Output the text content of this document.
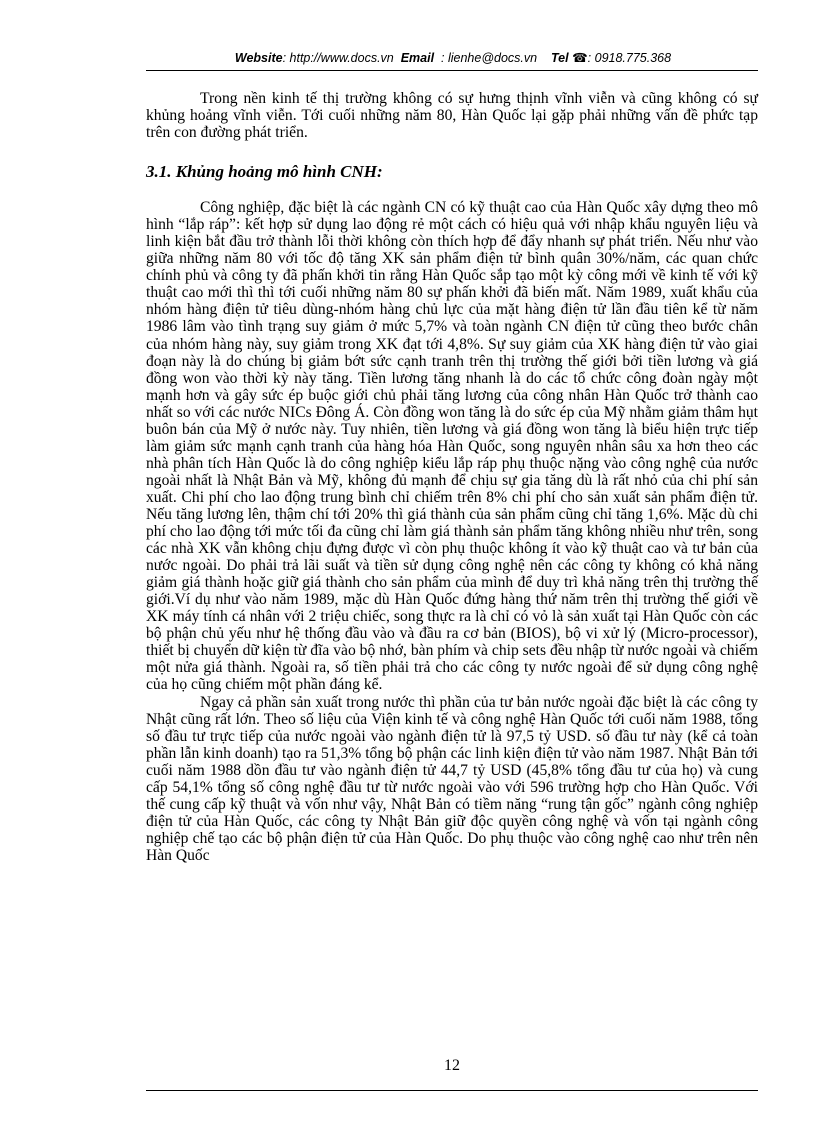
Website: http://www.docs.vn Email : lienhe@docs.vn Tel ☎: 0918.775.368

Trong nền kinh tế thị trường không có sự hưng thịnh vĩnh viễn và cũng không có sự khủng hoảng vĩnh viễn. Tới cuối những năm 80, Hàn Quốc lại gặp phải những vấn đề phức tạp trên con đường phát triển.

3.1. Khủng hoảng mô hình CNH:

Công nghiệp, đặc biệt là các ngành CN có kỹ thuật cao của Hàn Quốc xây dựng theo mô hình “lắp ráp”: kết hợp sử dụng lao động rẻ một cách có hiệu quả với nhập khẩu nguyên liệu và linh kiện bắt đầu trở thành lỗi thời không còn thích hợp để đẩy nhanh sự phát triển. Nếu như vào giữa những năm 80 với tốc độ tăng XK sản phẩm điện tử bình quân 30%/năm, các quan chức chính phủ và công ty đã phấn khởi tin rằng Hàn Quốc sắp tạo một kỳ công mới về kinh tế với kỹ thuật cao mới thì thì tới cuối những năm 80 sự phấn khởi đã biến mất. Năm 1989, xuất khẩu của nhóm hàng điện tử tiêu dùng-nhóm hàng chủ lực của mặt hàng điện tử lần đầu tiên kể từ năm 1986 lâm vào tình trạng suy giảm ở mức 5,7% và toàn ngành CN điện tử cũng theo bước chân của nhóm hàng này, suy giảm trong XK đạt tới 4,8%. Sự suy giảm của XK hàng điện tử vào giai đoạn này là do chúng bị giảm bớt sức cạnh tranh trên thị trường thế giới bởi tiền lương và giá đồng won vào thời kỳ này tăng. Tiền lương tăng nhanh là do các tổ chức công đoàn ngày một mạnh hơn và gây sức ép buộc giới chủ phải tăng lương của công nhân Hàn Quốc trở thành cao nhất so với các nước NICs Đông Á. Còn đồng won tăng là do sức ép của Mỹ nhằm giảm thâm hụt buôn bán của Mỹ ở nước này. Tuy nhiên, tiền lương và giá đồng won tăng là biểu hiện trực tiếp làm giảm sức mạnh cạnh tranh của hàng hóa Hàn Quốc, song nguyên nhân sâu xa hơn theo các nhà phân tích Hàn Quốc là do công nghiệp kiểu lắp ráp phụ thuộc nặng vào công nghệ của nước ngoài nhất là Nhật Bản và Mỹ, không đủ mạnh để chịu sự gia tăng dù là rất nhỏ của chi phí sản xuất. Chi phí cho lao động trung bình chỉ chiếm trên 8% chi phí cho sản xuất sản phẩm điện tử. Nếu tăng lương lên, thậm chí tới 20% thì giá thành của sản phẩm cũng chỉ tăng 1,6%. Mặc dù chi phí cho lao động tới mức tối đa cũng chỉ làm giá thành sản phẩm tăng không nhiều như trên, song các nhà XK vẫn không chịu đựng được vì còn phụ thuộc không ít vào kỹ thuật cao và tư bản của nước ngoài. Do phải trả lãi suất và tiền sử dụng công nghệ nên các công ty không có khả năng giảm giá thành hoặc giữ giá thành cho sản phẩm của mình để duy trì khả năng trên thị trường thế giới.Ví dụ như vào năm 1989, mặc dù Hàn Quốc đứng hàng thứ năm trên thị trường thế giới về XK máy tính cá nhân với 2 triệu chiếc, song thực ra là chỉ có vỏ là sản xuất tại Hàn Quốc còn các bộ phận chủ yếu như hệ thống đầu vào và đầu ra cơ bản (BIOS), bộ vi xử lý (Micro-processor), thiết bị chuyển dữ kiện từ đĩa vào bộ nhớ, bàn phím và chip sets đều nhập từ nước ngoài và chiếm một nửa giá thành. Ngoài ra, số tiền phải trả cho các công ty nước ngoài để sử dụng công nghệ của họ cũng chiếm một phần đáng kể.

Ngay cả phần sản xuất trong nước thì phần của tư bản nước ngoài đặc biệt là các công ty Nhật cũng rất lớn. Theo số liệu của Viện kinh tế và công nghệ Hàn Quốc tới cuối năm 1988, tổng số đầu tư trực tiếp của nước ngoài vào ngành điện tử là 97,5 tỷ USD. số đầu tư này (kể cả toàn phần lẫn kinh doanh) tạo ra 51,3% tổng bộ phận các linh kiện điện tử vào năm 1987. Nhật Bản tới cuối năm 1988 dồn đầu tư vào ngành điện tử 44,7 tỷ USD (45,8% tổng đầu tư của họ) và cung cấp 54,1% tổng số công nghệ đầu tư từ nước ngoài vào với 596 trường hợp cho Hàn Quốc. Với thế cung cấp kỹ thuật và vốn như vậy, Nhật Bản có tiềm năng “rung tận gốc” ngành công nghiệp điện tử của Hàn Quốc, các công ty Nhật Bản giữ độc quyền công nghệ và vốn tại ngành công nghiệp chế tạo các bộ phận điện tử của Hàn Quốc. Do phụ thuộc vào công nghệ cao như trên nên Hàn Quốc

12
